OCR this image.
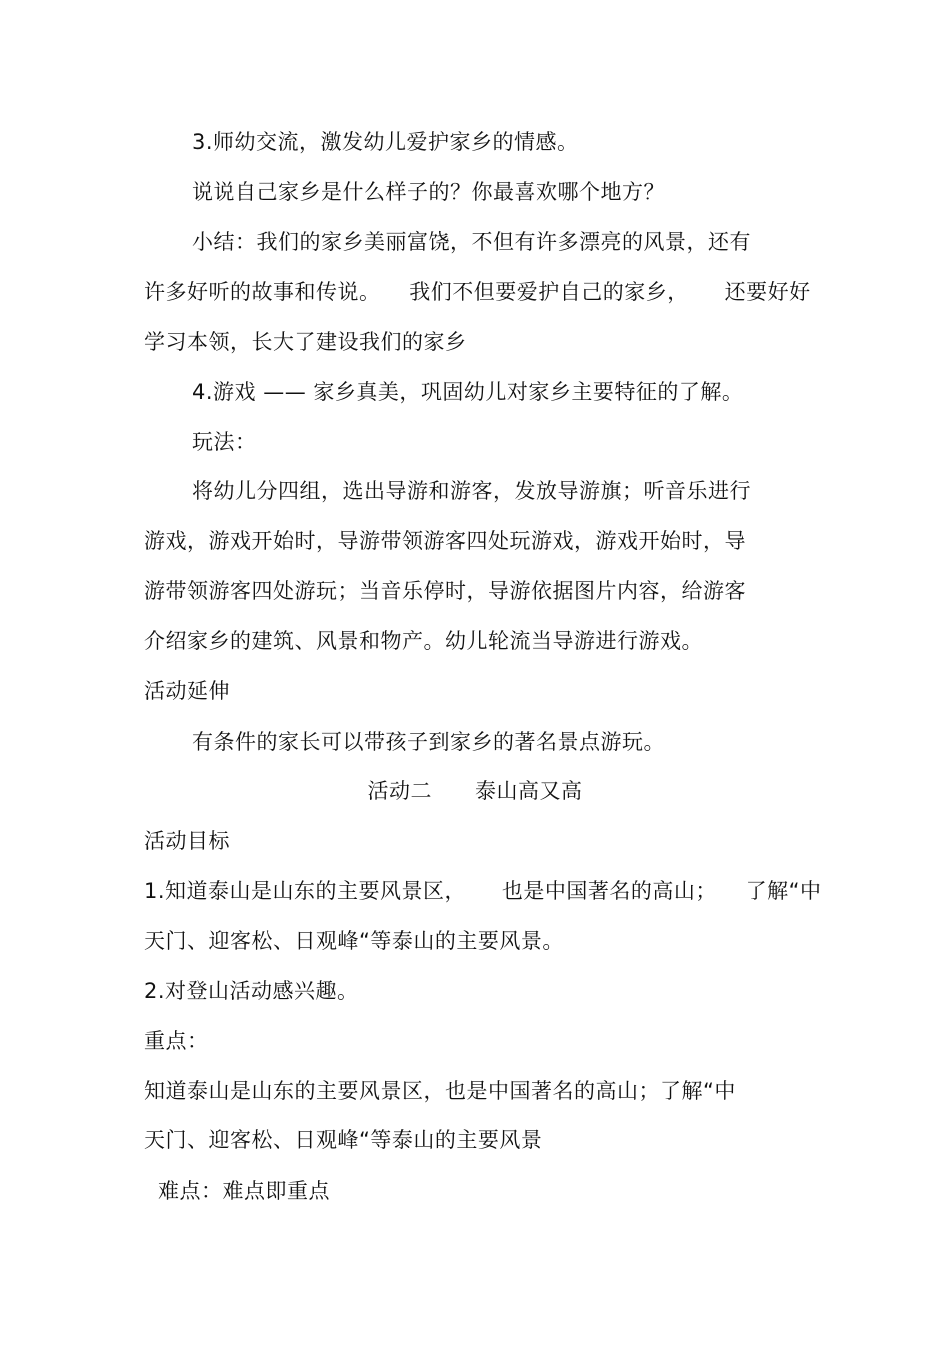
3.师幼交流，激发幼儿爱护家乡的情感。
说说自己家乡是什么样子的？你最喜欢哪个地方？
小结：我们的家乡美丽富饶，不但有许多漂亮的风景，还有
许多好听的故事和传说。    我们不但要爱护自己的家乡，     还要好好
学习本领，长大了建设我们的家乡
4.游戏 —— 家乡真美，巩固幼儿对家乡主要特征的了解。
玩法：
将幼儿分四组，选出导游和游客，发放导游旗；听音乐进行
游戏，游戏开始时，导游带领游客四处玩游戏，游戏开始时，导
游带领游客四处游玩；当音乐停时，导游依据图片内容，给游客
介绍家乡的建筑、风景和物产。幼儿轮流当导游进行游戏。
活动延伸
有条件的家长可以带孩子到家乡的著名景点游玩。
活动二      泰山高又高
活动目标
1.知道泰山是山东的主要风景区，     也是中国著名的高山；    了解“中
天门、迎客松、日观峰“等泰山的主要风景。
2.对登山活动感兴趣。
重点：
知道泰山是山东的主要风景区，也是中国著名的高山；了解“中
天门、迎客松、日观峰“等泰山的主要风景
难点：难点即重点
